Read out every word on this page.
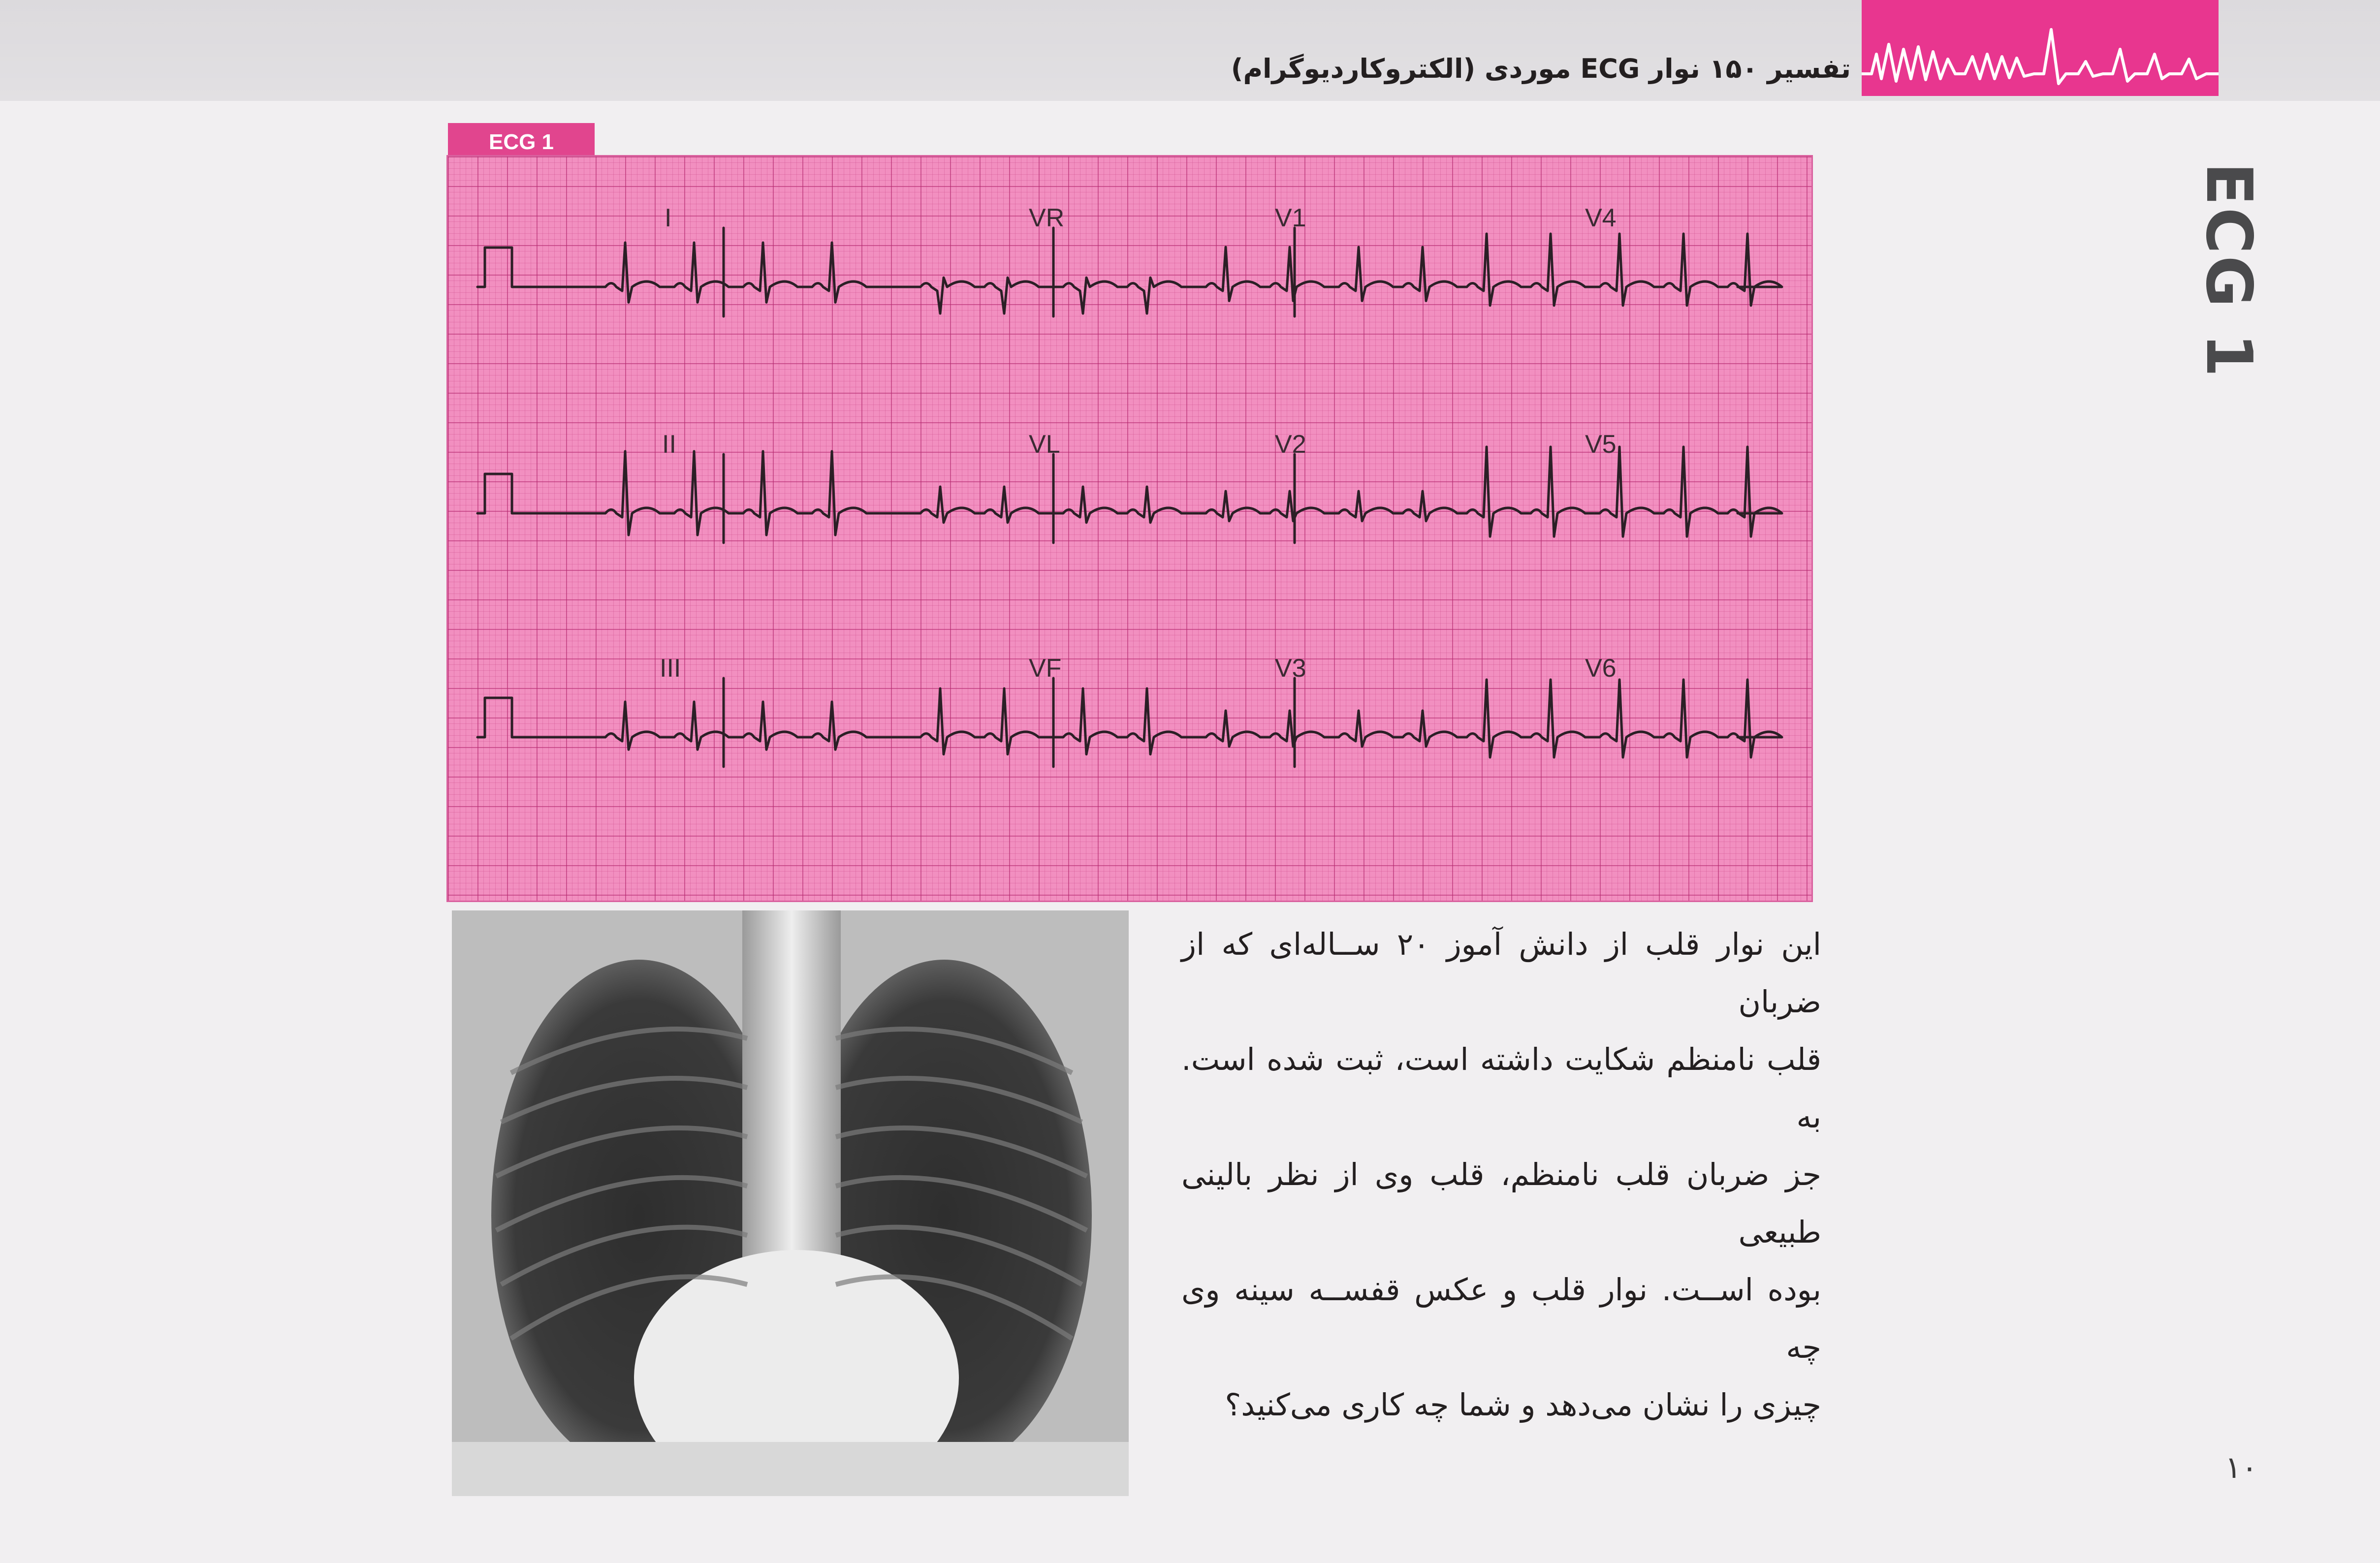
تفسیر ۱۵۰ نوار ECG موردی (الکتروکاردیوگرام)
ECG 1
۱۰
ECG 1
I	VR	V1	V4
II	VL	V2	V5
III	VF	V3	V6
این نوار قلب از دانش آموز ۲۰ ســاله‌ای که از ضربان
قلب نامنظم شکایت داشته است، ثبت شده است. به
جز ضربان قلب نامنظم، قلب وی از نظر بالینی طبیعی
بوده اســت. نوار قلب و عکس قفســه سینه وی چه
چیزی را نشان می‌دهد و شما چه کاری می‌کنید؟
